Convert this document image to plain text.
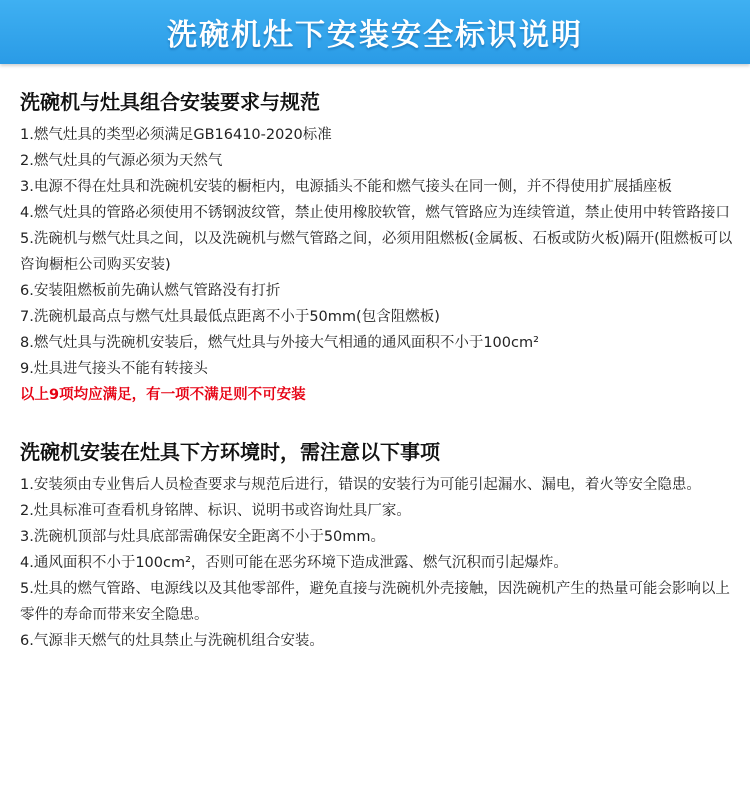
洗碗机灶下安装安全标识说明
洗碗机与灶具组合安装要求与规范
1.燃气灶具的类型必须满足GB16410-2020标准
2.燃气灶具的气源必须为天然气
3.电源不得在灶具和洗碗机安装的橱柜内，电源插头不能和燃气接头在同一侧，并不得使用扩展插座板
4.燃气灶具的管路必须使用不锈钢波纹管，禁止使用橡胶软管，燃气管路应为连续管道，禁止使用中转管路接口
5.洗碗机与燃气灶具之间，以及洗碗机与燃气管路之间，必须用阻燃板(金属板、石板或防火板)隔开(阻燃板可以咨询橱柜公司购买安装)
6.安装阻燃板前先确认燃气管路没有打折
7.洗碗机最高点与燃气灶具最低点距离不小于50mm(包含阻燃板)
8.燃气灶具与洗碗机安装后，燃气灶具与外接大气相通的通风面积不小于100cm²
9.灶具进气接头不能有转接头
以上9项均应满足，有一项不满足则不可安装
洗碗机安装在灶具下方环境时，需注意以下事项
1.安装须由专业售后人员检查要求与规范后进行，错误的安装行为可能引起漏水、漏电，着火等安全隐患。
2.灶具标准可查看机身铭牌、标识、说明书或咨询灶具厂家。
3.洗碗机顶部与灶具底部需确保安全距离不小于50mm。
4.通风面积不小于100cm²，否则可能在恶劣环境下造成泄露、燃气沉积而引起爆炸。
5.灶具的燃气管路、电源线以及其他零部件，避免直接与洗碗机外壳接触，因洗碗机产生的热量可能会影响以上零件的寿命而带来安全隐患。
6.气源非天燃气的灶具禁止与洗碗机组合安装。
